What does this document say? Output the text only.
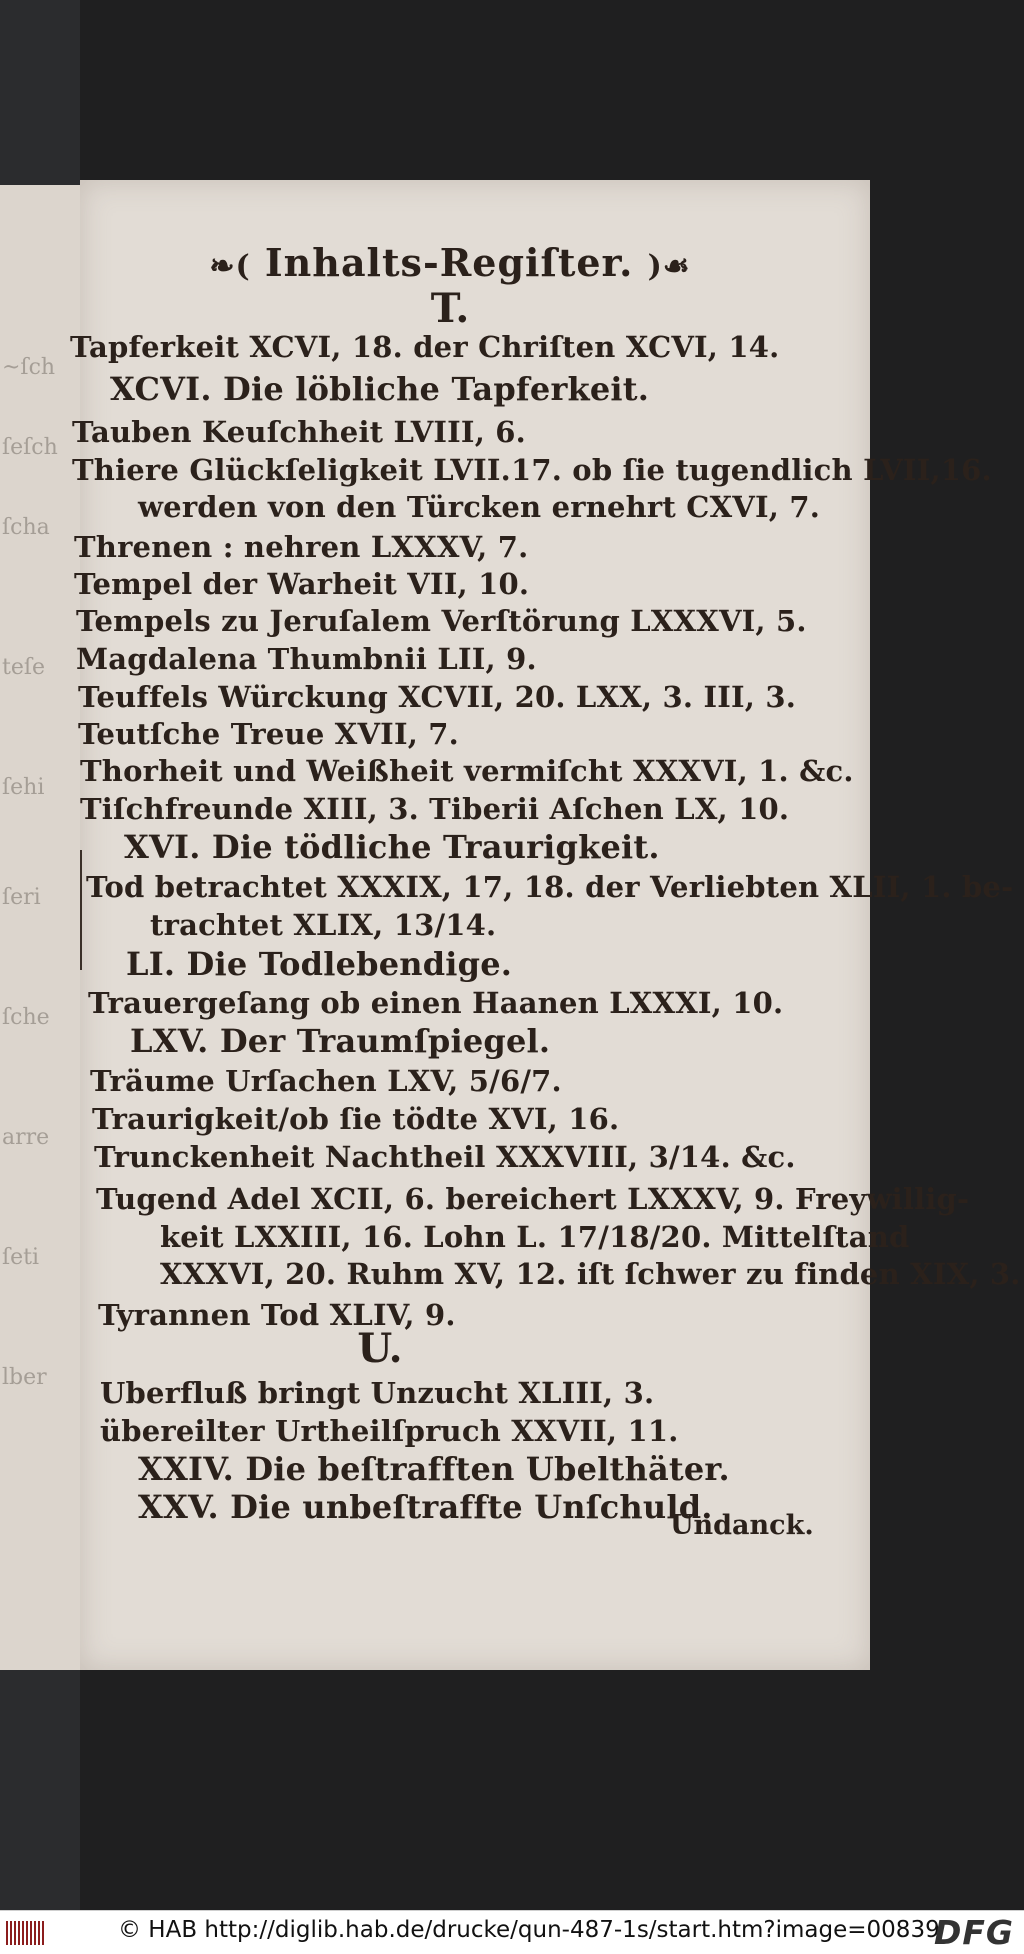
~ſch
ſeſch
ſcha
teſe
ſehi
ſeri
ſche
arre
ſeti
lber
❧( Inhalts-Regiſter. )☙
T.
Tapferkeit XCVI, 18. der Chriſten XCVI, 14.
XCVI. Die löbliche Tapferkeit.
Tauben Keuſchheit LVIII, 6.
Thiere Glückſeligkeit LVII.17. ob ſie tugendlich LVII,16.
werden von den Türcken ernehrt CXVI, 7.
Threnen : nehren LXXXV, 7.
Tempel der Warheit VII, 10.
Tempels zu Jeruſalem Verſtörung LXXXVI, 5.
Magdalena Thumbnii LII, 9.
Teuffels Würckung XCVII, 20. LXX, 3. III, 3.
Teutſche Treue XVII, 7.
Thorheit und Weißheit vermiſcht XXXVI, 1. &c.
Tiſchfreunde XIII, 3. Tiberii Aſchen LX, 10.
XVI. Die tödliche Traurigkeit.
Tod betrachtet XXXIX, 17, 18. der Verliebten XLII, 1. be-
trachtet XLIX, 13/14.
LI. Die Todlebendige.
Trauergeſang ob einen Haanen LXXXI, 10.
LXV. Der Traumſpiegel.
Träume Urſachen LXV, 5/6/7.
Traurigkeit/ob ſie tödte XVI, 16.
Trunckenheit Nachtheil XXXVIII, 3/14. &c.
Tugend Adel XCII, 6. bereichert LXXXV, 9. Freywillig-
keit LXXIII, 16. Lohn L. 17/18/20. Mittelſtand
XXXVI, 20. Ruhm XV, 12. iſt ſchwer zu finden XIX, 3.
Tyrannen Tod XLIV, 9.
U.
Uberfluß bringt Unzucht XLIII, 3.
übereilter Urtheilſpruch XXVII, 11.
XXIV. Die beſtrafften Ubelthäter.
XXV. Die unbeſtraffte Unſchuld.
Undanck.
© HAB http://diglib.hab.de/drucke/qun-487-1s/start.htm?image=00839
DFG
